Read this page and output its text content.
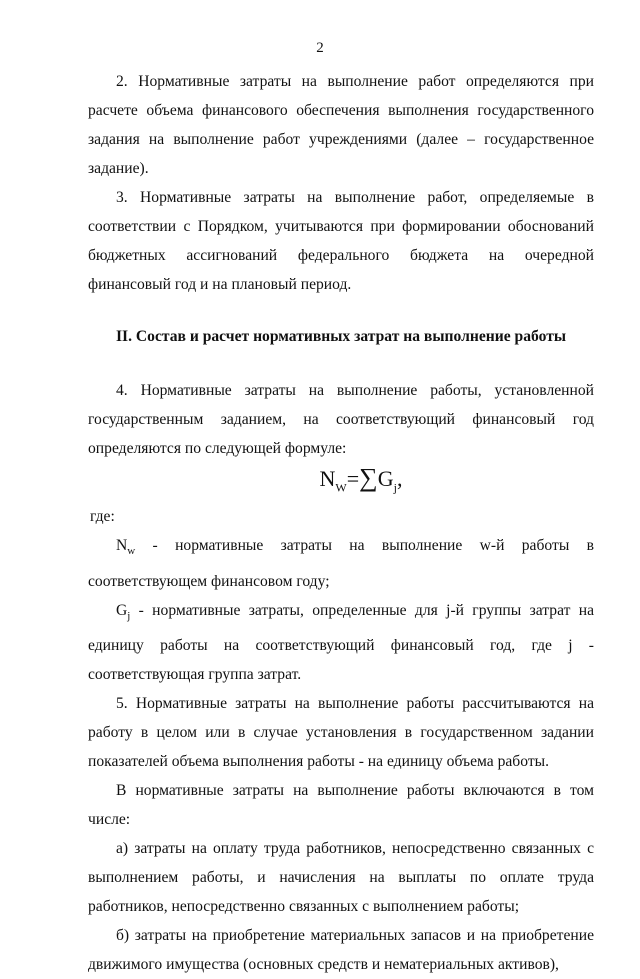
2

2. Нормативные затраты на выполнение работ определяются при расчете объема финансового обеспечения выполнения государственного задания на выполнение работ учреждениями (далее – государственное задание).

3. Нормативные затраты на выполнение работ, определяемые в соответствии с Порядком, учитываются при формировании обоснований бюджетных ассигнований федерального бюджета на очередной финансовый год и на плановый период.

II. Состав и расчет нормативных затрат на выполнение работы

4. Нормативные затраты на выполнение работы, установленной государственным заданием, на соответствующий финансовый год определяются по следующей формуле:

$N_W=\sum G_j$,

где:

$N_w$ - нормативные затраты на выполнение w-й работы в соответствующем финансовом году;

$G_j$ - нормативные затраты, определенные для j-й группы затрат на единицу работы на соответствующий финансовый год, где j - соответствующая группа затрат.

5. Нормативные затраты на выполнение работы рассчитываются на работу в целом или в случае установления в государственном задании показателей объема выполнения работы - на единицу объема работы.

В нормативные затраты на выполнение работы включаются в том числе:

а) затраты на оплату труда работников, непосредственно связанных с выполнением работы, и начисления на выплаты по оплате труда работников, непосредственно связанных с выполнением работы;

б) затраты на приобретение материальных запасов и на приобретение движимого имущества (основных средств и нематериальных активов),
